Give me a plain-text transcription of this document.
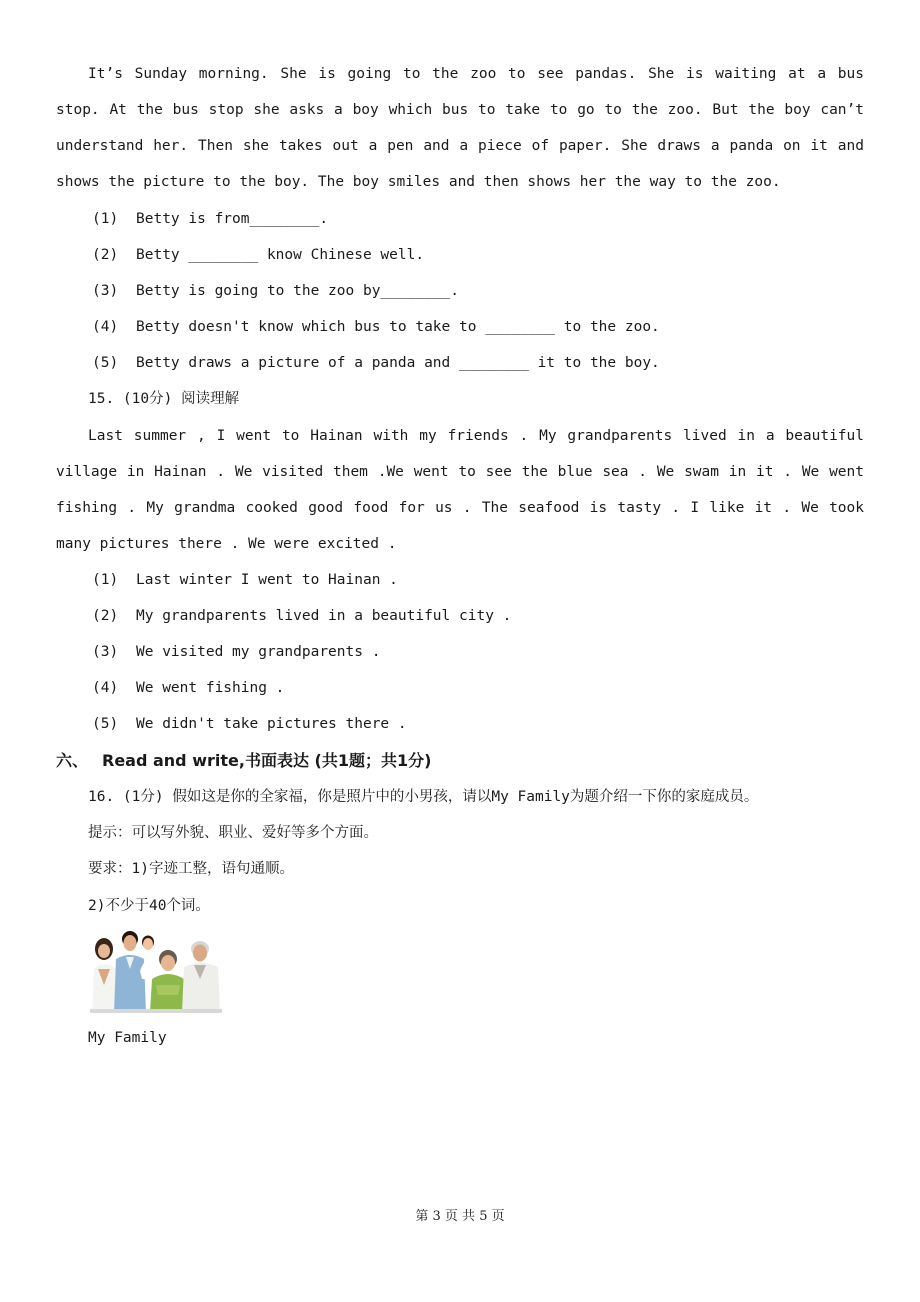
It’s Sunday morning. She is going to the zoo to see pandas. She is waiting at a bus stop. At the bus stop she asks a boy which bus to take to go to the zoo. But the boy can’t understand her. Then she takes out a pen and a piece of paper. She draws a panda on it and shows the picture to the boy. The boy smiles and then shows her the way to the zoo.
(1) Betty is from________.
(2) Betty ________ know Chinese well.
(3) Betty is going to the zoo by________.
(4) Betty doesn't know which bus to take to ________ to the zoo.
(5) Betty draws a picture of a panda and ________ it to the boy.
15. (10分) 阅读理解
Last summer , I went to Hainan with my friends . My grandparents lived in a beautiful village in Hainan . We visited them .We went to see the blue sea . We swam in it . We went fishing . My grandma cooked good food for us . The seafood is tasty . I like it . We took many pictures there . We were excited .
(1) Last winter I went to Hainan .
(2) My grandparents lived in a beautiful city .
(3) We visited my grandparents .
(4) We went fishing .
(5) We didn't take pictures there .
六、 Read and write,书面表达 (共1题；共1分)
16. (1分) 假如这是你的全家福，你是照片中的小男孩，请以My Family为题介绍一下你的家庭成员。
提示：可以写外貌、职业、爱好等多个方面。
要求：1)字迹工整，语句通顺。
2)不少于40个词。
My Family
第 3 页 共 5 页
